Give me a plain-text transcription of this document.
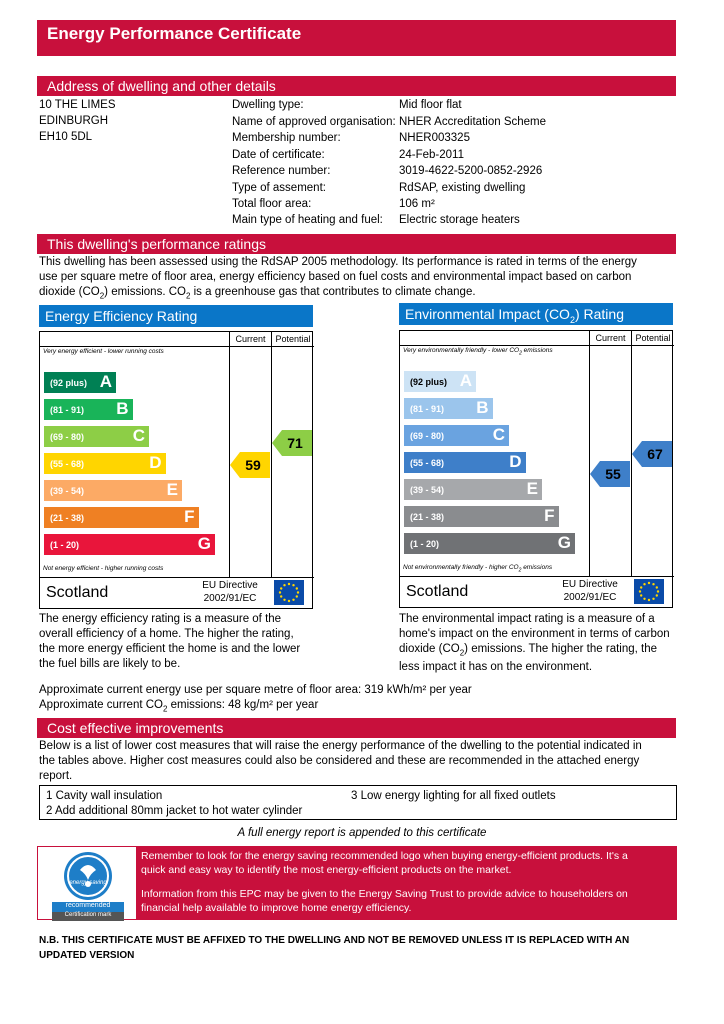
Energy Performance Certificate
Address of dwelling and other details
10 THE LIMES
EDINBURGH
EH10 5DL
Dwelling type:	Mid floor flat
Name of approved organisation: NHER Accreditation Scheme
Membership number:	NHER003325
Date of certificate:	24-Feb-2011
Reference number:	3019-4622-5200-0852-2926
Type of assement:	RdSAP, existing dwelling
Total floor area:	106 m²
Main type of heating and fuel: Electric storage heaters
This dwelling's performance ratings
This dwelling has been assessed using the RdSAP 2005 methodology. Its performance is rated in terms of the energy
use per square metre of floor area, energy efficiency based on fuel costs and environmental impact based on carbon
dioxide $(CO_2)$ emissions. $CO_2$ is a greenhouse gas that contributes to climate change.
Energy Efficiency Rating
Current	Potential
Very energy efficient - lower running costs
Not energy efficient - higher running costs
(92 plus) A
(81 - 91) B
(69 - 80)	C
(55 - 68)	D
(39 - 54)	E
(21 - 38)	F
(1 - 20)	G
Scotland	EU Directive
2002/91/EC
59
71
Environmental Impact $(CO_2)$ Rating
Current	Potential
Very environmentally friendly - lower $CO_2$ emissions
Not environmentally friendly - higher $CO_2$ emissions
(92 plus) A
(81 - 91) B
(69 - 80)	C
(55 - 68)	D
(39 - 54)	E
(21 - 38)	F
(1 - 20)	G
Scotland	EU Directive
2002/91/EC
55
67
The energy efficiency rating is a measure of the
overall efficiency of a home. The higher the rating,
the more energy efficient the home is and the lower
the fuel bills are likely to be.
The environmental impact rating is a measure of a
home's impact on the environment in terms of carbon
dioxide $(CO_2)$ emissions. The higher the rating, the
less impact it has on the environment.
Approximate current energy use per square metre of floor area: 319 kWh/m² per year
Approximate current $CO_2$ emissions: 48 kg/m² per year
Cost effective improvements
Below is a list of lower cost measures that will raise the energy performance of the dwelling to the potential indicated in
the tables above. Higher cost measures could also be considered and these are recommended in the attached energy
report.
1 Cavity wall insulation
2 Add additional 80mm jacket to hot water cylinder
3 Low energy lighting for all fixed outlets
A full energy report is appended to this certificate
energy saving
recommended
Certification mark
Remember to look for the energy saving recommended logo when buying energy-efficient products. It's a
quick and easy way to identify the most energy-efficient products on the market.
Information from this EPC may be given to the Energy Saving Trust to provide advice to householders on
financial help available to improve home energy efficiency.
N.B. THIS CERTIFICATE MUST BE AFFIXED TO THE DWELLING AND NOT BE REMOVED UNLESS IT IS REPLACED WITH AN
UPDATED VERSION
